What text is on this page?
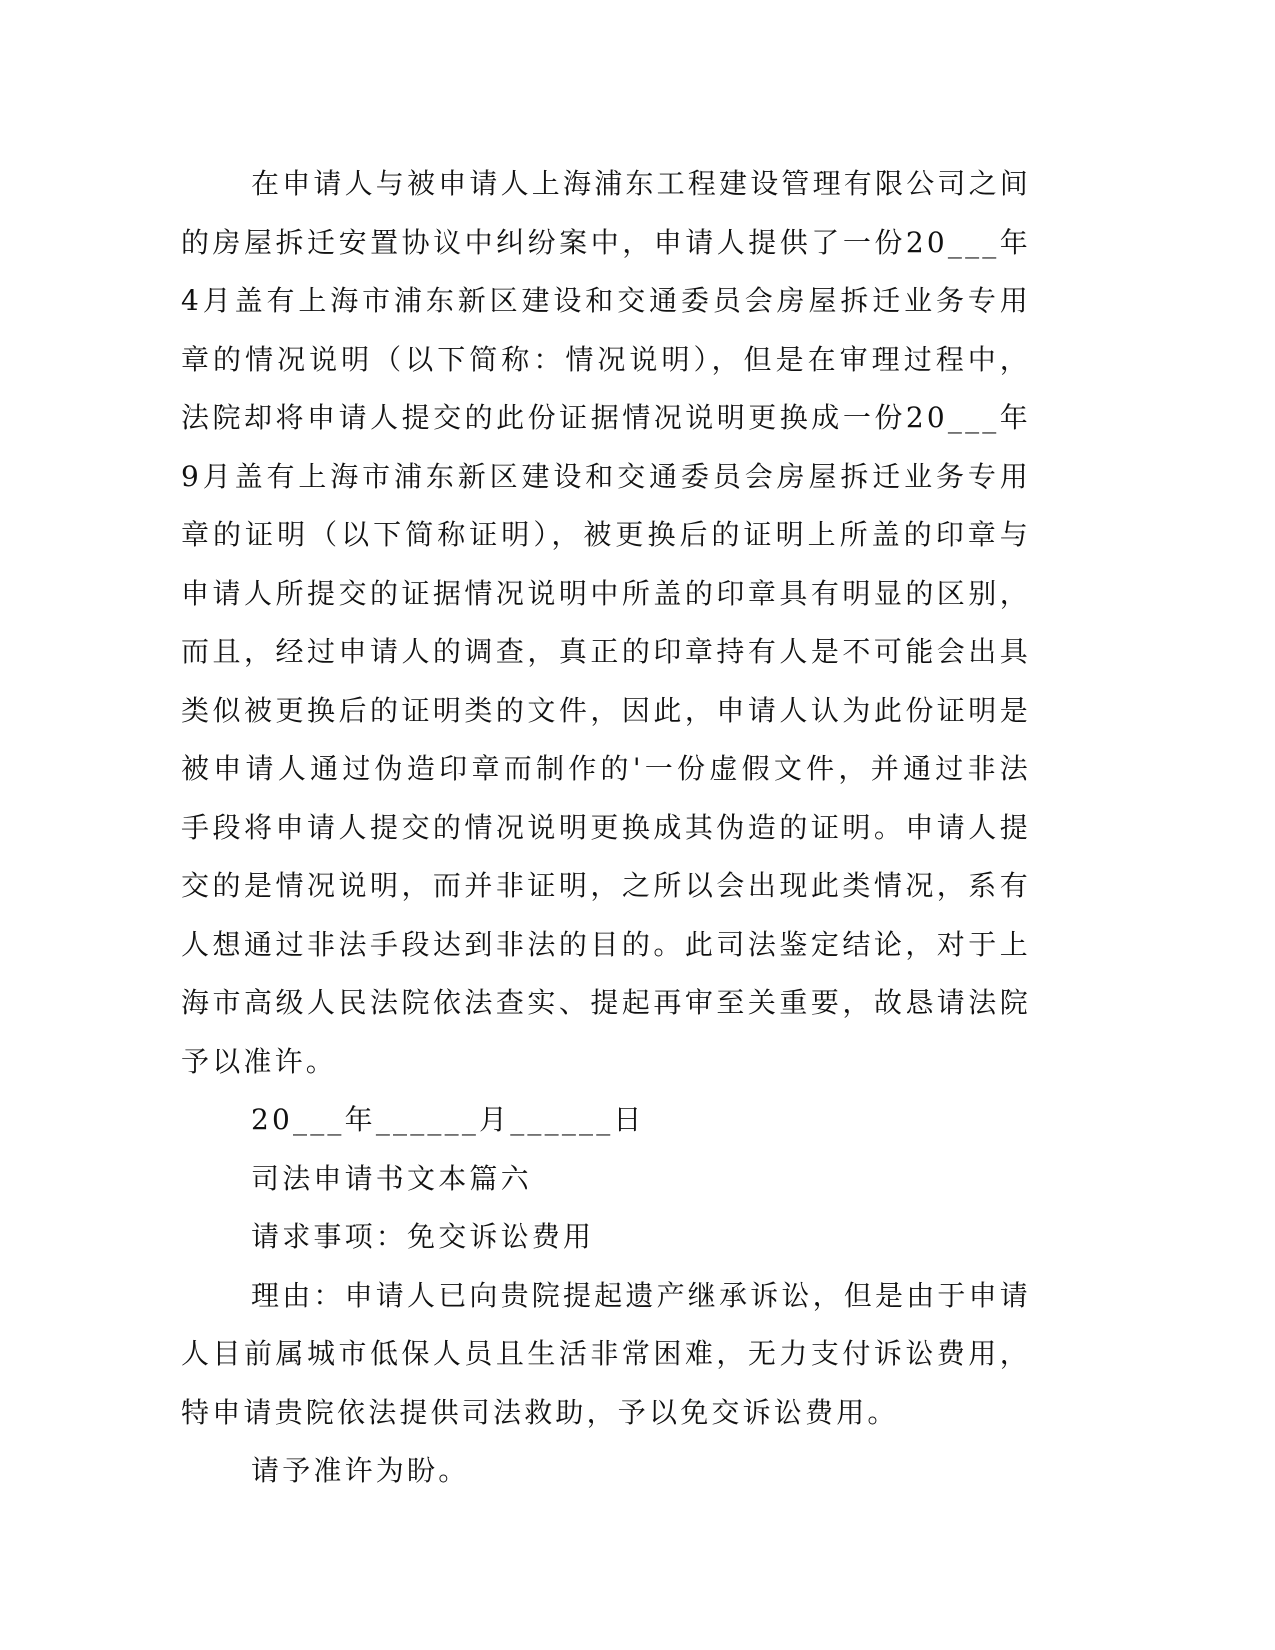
在申请人与被申请人上海浦东工程建设管理有限公司之间的房屋拆迁安置协议中纠纷案中，申请人提供了一份20___年4月盖有上海市浦东新区建设和交通委员会房屋拆迁业务专用章的情况说明（以下简称：情况说明），但是在审理过程中，法院却将申请人提交的此份证据情况说明更换成一份20___年9月盖有上海市浦东新区建设和交通委员会房屋拆迁业务专用章的证明（以下简称证明），被更换后的证明上所盖的印章与申请人所提交的证据情况说明中所盖的印章具有明显的区别，而且，经过申请人的调查，真正的印章持有人是不可能会出具类似被更换后的证明类的文件，因此，申请人认为此份证明是被申请人通过伪造印章而制作的'一份虚假文件，并通过非法手段将申请人提交的情况说明更换成其伪造的证明。申请人提交的是情况说明，而并非证明，之所以会出现此类情况，系有人想通过非法手段达到非法的目的。此司法鉴定结论，对于上海市高级人民法院依法查实、提起再审至关重要，故恳请法院予以准许。

20___年______月______日

司法申请书文本篇六

请求事项：免交诉讼费用

理由：申请人已向贵院提起遗产继承诉讼，但是由于申请人目前属城市低保人员且生活非常困难，无力支付诉讼费用，特申请贵院依法提供司法救助，予以免交诉讼费用。

请予准许为盼。
